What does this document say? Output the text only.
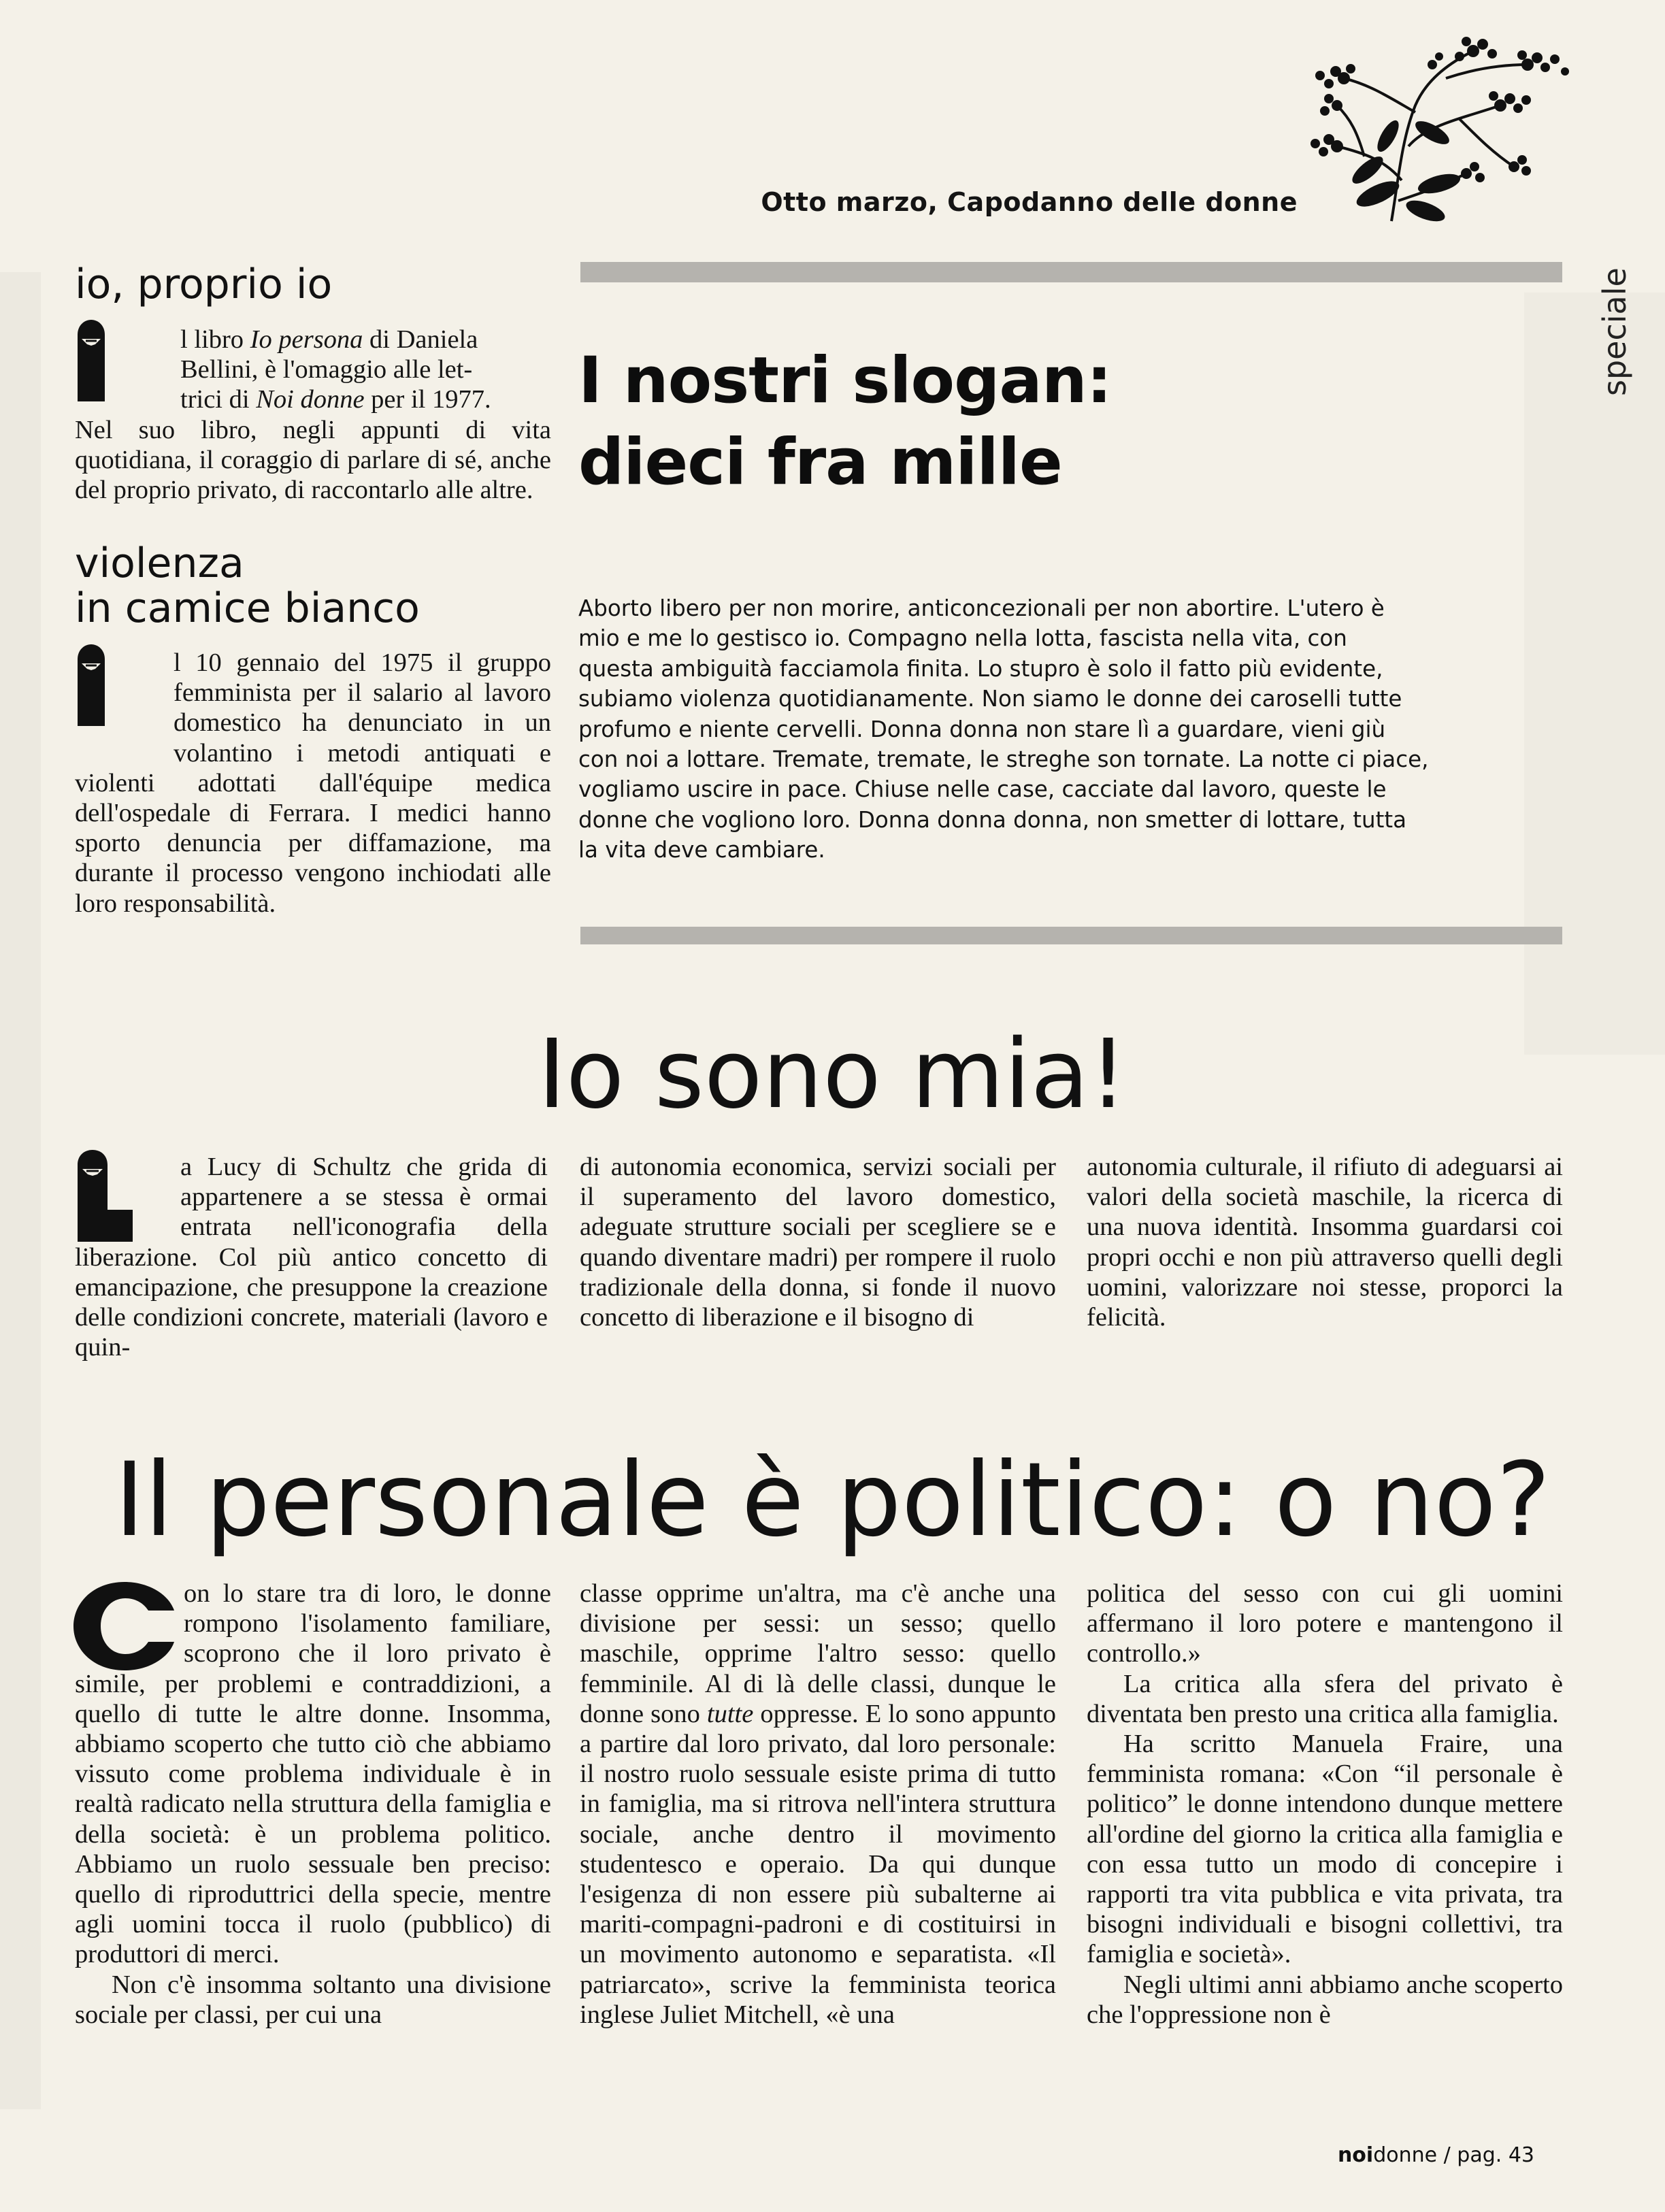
Otto marzo, Capodanno delle donne
speciale
io, proprio io
l libro Io persona di Daniela
Bellini, è l'omaggio alle let-
trici di Noi donne per il 1977.
Nel suo libro, negli appunti di vita quotidiana, il coraggio di parlare di sé, anche del proprio privato, di raccontarlo alle altre.
violenza
in camice bianco
l 10 gennaio del 1975 il gruppo femminista per il salario al lavoro domestico ha denunciato in un volantino i metodi antiquati e violenti adottati dall'équipe medica dell'ospedale di Ferrara. I medici hanno sporto denuncia per diffamazione, ma durante il processo vengono inchiodati alle loro responsabilità.
I nostri slogan:
dieci fra mille
Aborto libero per non morire, anticoncezionali per non abortire. L'utero è mio e me lo gestisco io. Compagno nella lotta, fascista nella vita, con questa ambiguità facciamola finita. Lo stupro è solo il fatto più evidente, subiamo violenza quotidianamente. Non siamo le donne dei caroselli tutte profumo e niente cervelli. Donna donna non stare lì a guardare, vieni giù con noi a lottare. Tremate, tremate, le streghe son tornate. La notte ci piace, vogliamo uscire in pace. Chiuse nelle case, cacciate dal lavoro, queste le donne che vogliono loro. Donna donna donna, non smetter di lottare, tutta la vita deve cambiare.
Io sono mia!
a Lucy di Schultz che grida di appartenere a se stessa è ormai entrata nell'iconografia della liberazione. Col più antico concetto di emancipazione, che presuppone la creazione delle condizioni concrete, materiali (lavoro e quin-
di autonomia economica, servizi sociali per il superamento del lavoro domestico, adeguate strutture sociali per scegliere se e quando diventare madri) per rompere il ruolo tradizionale della donna, si fonde il nuovo concetto di liberazione e il bisogno di
autonomia culturale, il rifiuto di adeguarsi ai valori della società maschile, la ricerca di una nuova identità. Insomma guardarsi coi propri occhi e non più attraverso quelli degli uomini, valorizzare noi stesse, proporci la felicità.
Il personale è politico: o no?

on lo stare tra di loro, le donne rompono l'isolamento familiare, scoprono che il loro privato è simile, per problemi e contraddizioni, a quello di tutte le altre donne. Insomma, abbiamo scoperto che tutto ciò che abbiamo vissuto come problema individuale è in realtà radicato nella struttura della famiglia e della società: è un problema politico. Abbiamo un ruolo sessuale ben preciso: quello di riproduttrici della specie, mentre agli uomini tocca il ruolo (pubblico) di produttori di merci.

Non c'è insomma soltanto una divisione sociale per classi, per cui una

classe opprime un'altra, ma c'è anche una divisione per sessi: un sesso; quello maschile, opprime l'altro sesso: quello femminile. Al di là delle classi, dunque le donne sono tutte oppresse. E lo sono appunto a partire dal loro privato, dal loro personale: il nostro ruolo sessuale esiste prima di tutto in famiglia, ma si ritrova nell'intera struttura sociale, anche dentro il movimento studentesco e operaio. Da qui dunque l'esigenza di non essere più subalterne ai mariti-compagni-padroni e di costituirsi in un movimento autonomo e separatista. «Il patriarcato», scrive la femminista teorica inglese Juliet Mitchell, «è una

politica del sesso con cui gli uomini affermano il loro potere e mantengono il controllo.»

La critica alla sfera del privato è diventata ben presto una critica alla famiglia.

Ha scritto Manuela Fraire, una femminista romana: «Con “il personale è politico” le donne intendono dunque mettere all'ordine del giorno la critica alla famiglia e con essa tutto un modo di concepire i rapporti tra vita pubblica e vita privata, tra bisogni individuali e bisogni collettivi, tra famiglia e società».

Negli ultimi anni abbiamo anche scoperto che l'oppressione non è

noidonne / pag. 43
